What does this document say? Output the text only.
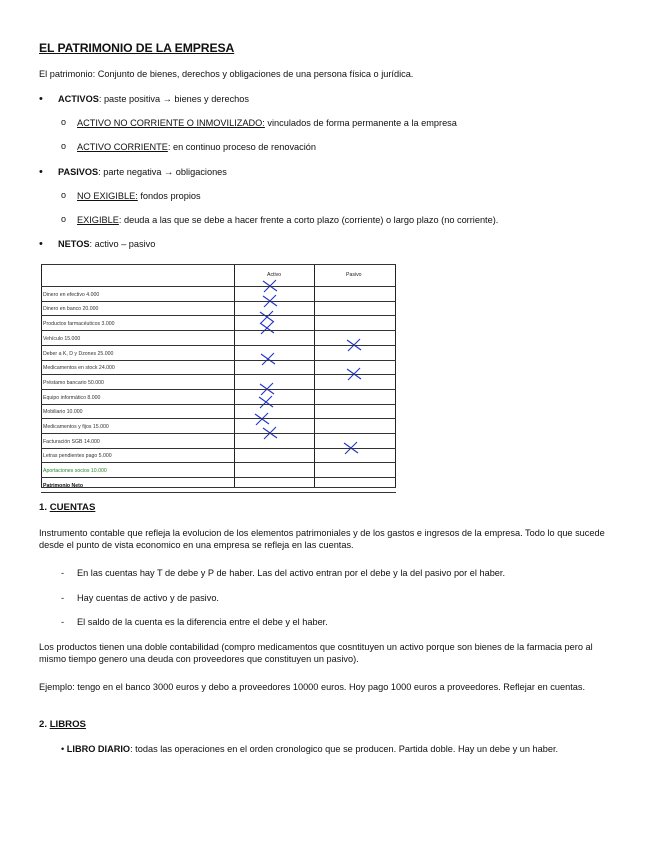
EL PATRIMONIO DE LA EMPRESA
El patrimonio: Conjunto de bienes, derechos y obligaciones de una persona física o jurídica.
• ACTIVOS: paste positiva → bienes y derechos
o ACTIVO NO CORRIENTE O INMOVILIZADO: vinculados de forma permanente a la empresa
o ACTIVO CORRIENTE: en continuo proceso de renovación
• PASIVOS: parte negativa → obligaciones
o NO EXIGIBLE: fondos propios
o EXIGIBLE: deuda a las que se debe a hacer frente a corto plazo (corriente) o largo plazo (no corriente).
• NETOS: activo – pasivo
Activo	Pasivo
Dinero en efectivo 4.000
Dinero en banco 20.000
Productos farmacéuticos 3.000
Vehículo 15.000
Deber a K, D y Dzones 25.000
Medicamentos en stock 24.000
Préstamo bancario 50.000
Equipo informático 8.000
Mobiliario 10.000
Medicamentos y fijos 15.000
Facturación SGB 14.000
Letras pendientes pago 5.000
Aportaciones socios 10.000
Patrimonio Neto
1. CUENTAS
Instrumento contable que refleja la evolucion de los elementos patrimoniales y de los gastos e ingresos de la empresa. Todo lo que sucede desde el punto de vista economico en una empresa se refleja en las cuentas.
- En las cuentas hay T de debe y P de haber. Las del activo entran por el debe y la del pasivo por el haber.
- Hay cuentas de activo y de pasivo.
- El saldo de la cuenta es la diferencia entre el debe y el haber.
Los productos tienen una doble contabilidad (compro medicamentos que cosntituyen un activo porque son bienes de la farmacia pero al mismo tiempo genero una deuda con proveedores que constituyen un pasivo).
Ejemplo: tengo en el banco 3000 euros y debo a proveedores 10000 euros. Hoy pago 1000 euros a proveedores. Reflejar en cuentas.
2. LIBROS
• LIBRO DIARIO: todas las operaciones en el orden cronologico que se producen. Partida doble. Hay un debe y un haber.
